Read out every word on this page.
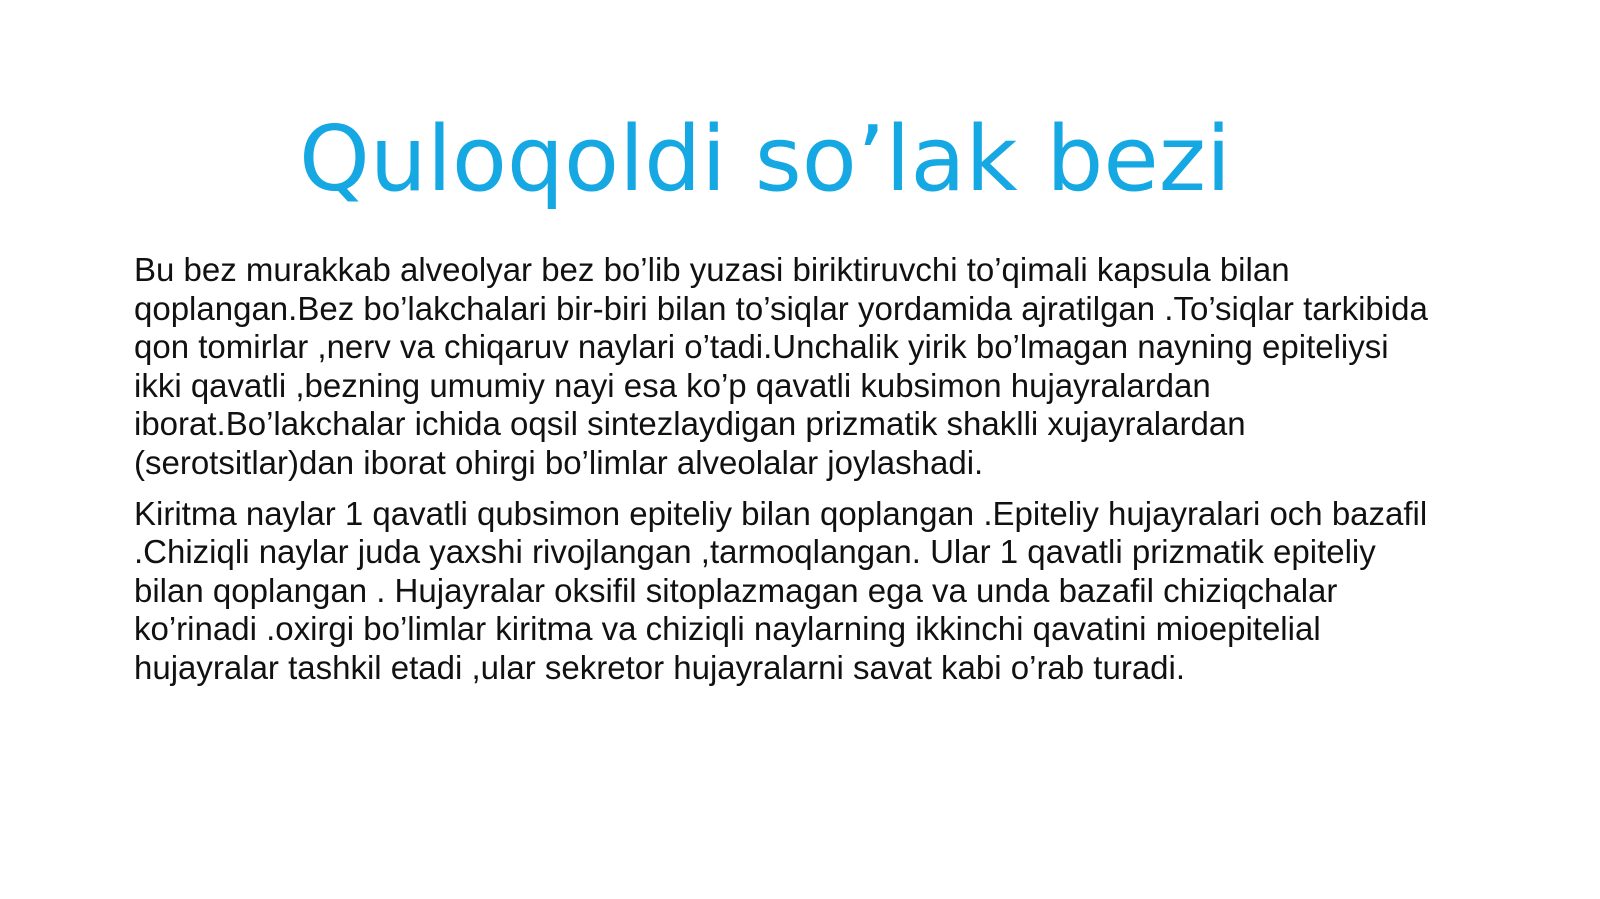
Quloqoldi so’lak bezi

Bu bez murakkab alveolyar bez bo’lib yuzasi biriktiruvchi to’qimali kapsula bilan qoplangan.Bez bo’lakchalari bir-biri bilan to’siqlar yordamida ajratilgan .To’siqlar tarkibida qon tomirlar ,nerv va chiqaruv naylari o’tadi.Unchalik yirik bo’lmagan nayning epiteliysi ikki qavatli ,bezning umumiy nayi esa ko’p qavatli kubsimon hujayralardan iborat.Bo’lakchalar ichida oqsil sintezlaydigan prizmatik shaklli xujayralardan (serotsitlar)dan iborat ohirgi bo’limlar alveolalar joylashadi.

Kiritma naylar 1 qavatli qubsimon epiteliy bilan qoplangan .Epiteliy hujayralari och bazafil .Chiziqli naylar juda yaxshi rivojlangan ,tarmoqlangan. Ular 1 qavatli prizmatik epiteliy bilan qoplangan . Hujayralar oksifil sitoplazmagan ega va unda bazafil chiziqchalar ko’rinadi .oxirgi bo’limlar kiritma va chiziqli naylarning ikkinchi qavatini mioepitelial hujayralar tashkil etadi ,ular sekretor hujayralarni savat kabi o’rab turadi.
